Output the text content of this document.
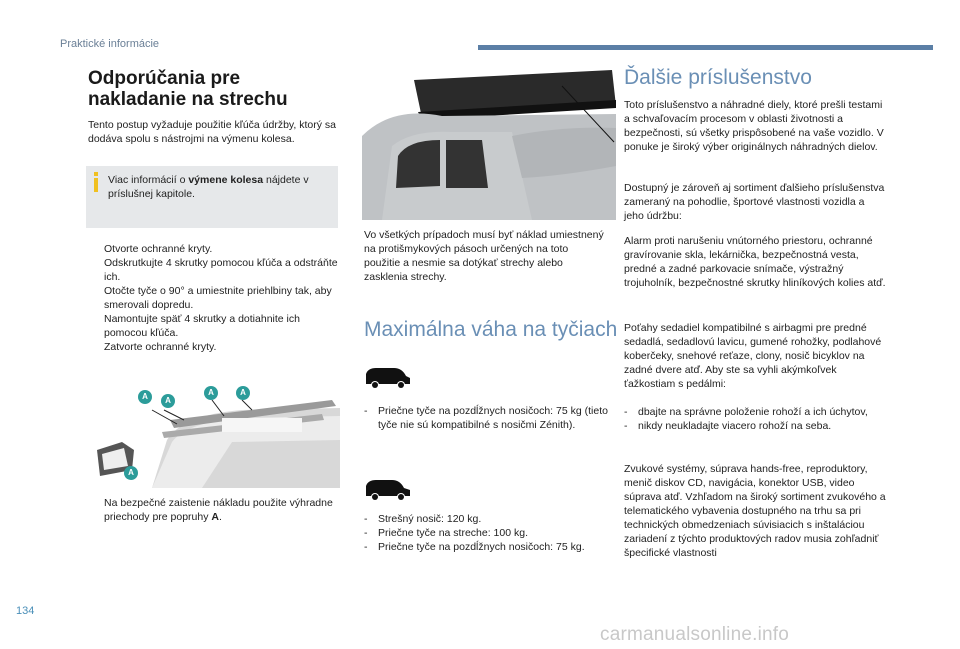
Praktické informácie
Odporúčania pre
nakladanie na strechu
Tento postup vyžaduje použitie kľúča údržby, ktorý sa dodáva spolu s nástrojmi na výmenu kolesa.
Viac informácií o výmene kolesa nájdete v príslušnej kapitole.
Otvorte ochranné kryty.
Odskrutkujte 4 skrutky pomocou kľúča a odstráňte ich.
Otočte tyče o 90° a umiestnite priehlbiny tak, aby smerovali dopredu.
Namontujte späť 4 skrutky a dotiahnite ich pomocou kľúča.
Zatvorte ochranné kryty.
A	A
A	A
A
Na bezpečné zaistenie nákladu použite výhradne priechody pre popruhy A.
Vo všetkých prípadoch musí byť náklad umiestnený na protišmykových pásoch určených na toto použitie a nesmie sa dotýkať strechy alebo zasklenia strechy.
Maximálna váha na tyčiach
- Priečne tyče na pozdĺžnych nosičoch: 75 kg (tieto tyče nie sú kompatibilné s nosičmi Zénith).
- Strešný nosič: 120 kg.
- Priečne tyče na streche: 100 kg.
- Priečne tyče na pozdĺžnych nosičoch: 75 kg.
Ďalšie príslušenstvo
Toto príslušenstvo a náhradné diely, ktoré prešli testami a schvaľovacím procesom v oblasti životnosti a bezpečnosti, sú všetky prispôsobené na vaše vozidlo. V ponuke je široký výber originálnych náhradných dielov.
Dostupný je zároveň aj sortiment ďalšieho príslušenstva zameraný na pohodlie, športové vlastnosti vozidla a jeho údržbu:
Alarm proti narušeniu vnútorného priestoru, ochranné gravírovanie skla, lekárnička, bezpečnostná vesta, predné a zadné parkovacie snímače, výstražný trojuholník, bezpečnostné skrutky hliníkových kolies atď.
Poťahy sedadiel kompatibilné s airbagmi pre predné sedadlá, sedadlovú lavicu, gumené rohožky, podlahové koberčeky, snehové reťaze, clony, nosič bicyklov na zadné dvere atď. Aby ste sa vyhli akýmkoľvek ťažkostiam s pedálmi:
- dbajte na správne položenie rohoží a ich úchytov,
- nikdy neukladajte viacero rohoží na seba.
Zvukové systémy, súprava hands-free, reproduktory, menič diskov CD, navigácia, konektor USB, video súprava atď. Vzhľadom na široký sortiment zvukového a telematického vybavenia dostupného na trhu sa pri technických obmedzeniach súvisiacich s inštaláciou zariadení z týchto produktových radov musia zohľadniť špecifické vlastnosti
134
carmanualsonline.info
